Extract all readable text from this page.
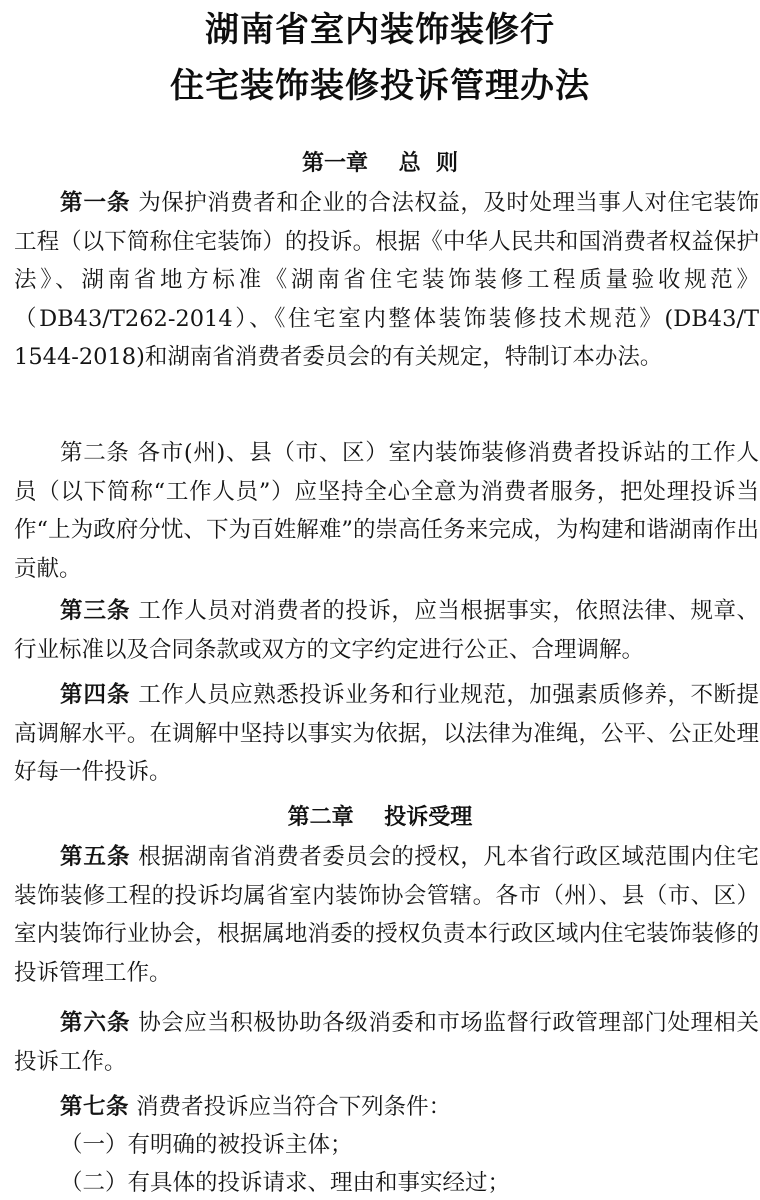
湖南省室内装饰装修行
住宅装饰装修投诉管理办法
第一章    总  则

第一条 为保护消费者和企业的合法权益，及时处理当事人对住宅装饰工程（以下简称住宅装饰）的投诉。根据《中华人民共和国消费者权益保护法》、湖南省地方标准《湖南省住宅装饰装修工程质量验收规范》（DB43/T262-2014）、《住宅室内整体装饰装修技术规范》(DB43/T 1544-2018)和湖南省消费者委员会的有关规定，特制订本办法。

第二条 各市(州)、县（市、区）室内装饰装修消费者投诉站的工作人员（以下简称“工作人员”）应坚持全心全意为消费者服务，把处理投诉当作“上为政府分忧、下为百姓解难”的崇高任务来完成，为构建和谐湖南作出贡献。

第三条 工作人员对消费者的投诉，应当根据事实，依照法律、规章、行业标准以及合同条款或双方的文字约定进行公正、合理调解。

第四条 工作人员应熟悉投诉业务和行业规范，加强素质修养，不断提高调解水平。在调解中坚持以事实为依据，以法律为准绳，公平、公正处理好每一件投诉。

第二章    投诉受理

第五条 根据湖南省消费者委员会的授权，凡本省行政区域范围内住宅装饰装修工程的投诉均属省室内装饰协会管辖。各市（州）、县（市、区）室内装饰行业协会，根据属地消委的授权负责本行政区域内住宅装饰装修的投诉管理工作。

第六条 协会应当积极协助各级消委和市场监督行政管理部门处理相关投诉工作。

第七条 消费者投诉应当符合下列条件：

（一）有明确的被投诉主体；

（二）有具体的投诉请求、理由和事实经过；
